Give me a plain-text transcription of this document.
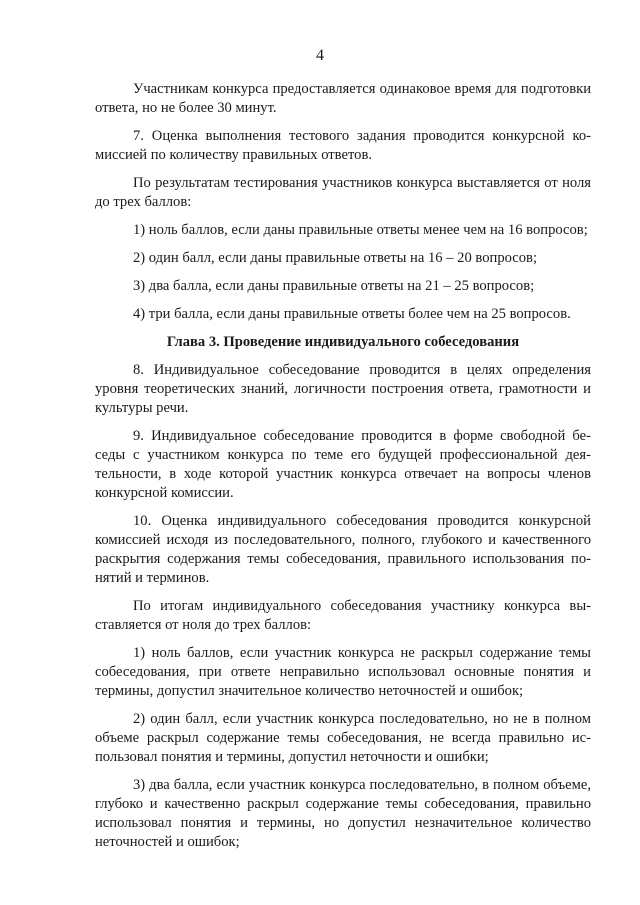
4

Участникам конкурса предоставляется одинаковое время для подготовки ответа, но не более 30 минут.

7. Оценка выполнения тестового задания проводится конкурсной комиссией по количеству правильных ответов.

По результатам тестирования участников конкурса выставляется от ноля до трех баллов:

1) ноль баллов, если даны правильные ответы менее чем на 16 вопросов;

2) один балл, если даны правильные ответы на 16 – 20 вопросов;

3) два балла, если даны правильные ответы на 21 – 25 вопросов;

4) три балла, если даны правильные ответы более чем на 25 вопросов.

Глава 3. Проведение индивидуального собеседования

8. Индивидуальное собеседование проводится в целях определения уровня теоретических знаний, логичности построения ответа, грамотности и культуры речи.

9. Индивидуальное собеседование проводится в форме свободной беседы с участником конкурса по теме его будущей профессиональной деятельности, в ходе которой участник конкурса отвечает на вопросы членов конкурсной комиссии.

10. Оценка индивидуального собеседования проводится конкурсной комиссией исходя из последовательного, полного, глубокого и качественного раскрытия содержания темы собеседования, правильного использования понятий и терминов.

По итогам индивидуального собеседования участнику конкурса выставляется от ноля до трех баллов:

1) ноль баллов, если участник конкурса не раскрыл содержание темы собеседования, при ответе неправильно использовал основные понятия и термины, допустил значительное количество неточностей и ошибок;

2) один балл, если участник конкурса последовательно, но не в полном объеме раскрыл содержание темы собеседования, не всегда правильно использовал понятия и термины, допустил неточности и ошибки;

3) два балла, если участник конкурса последовательно, в полном объеме, глубоко и качественно раскрыл содержание темы собеседования, правильно использовал понятия и термины, но допустил незначительное количество неточностей и ошибок;
